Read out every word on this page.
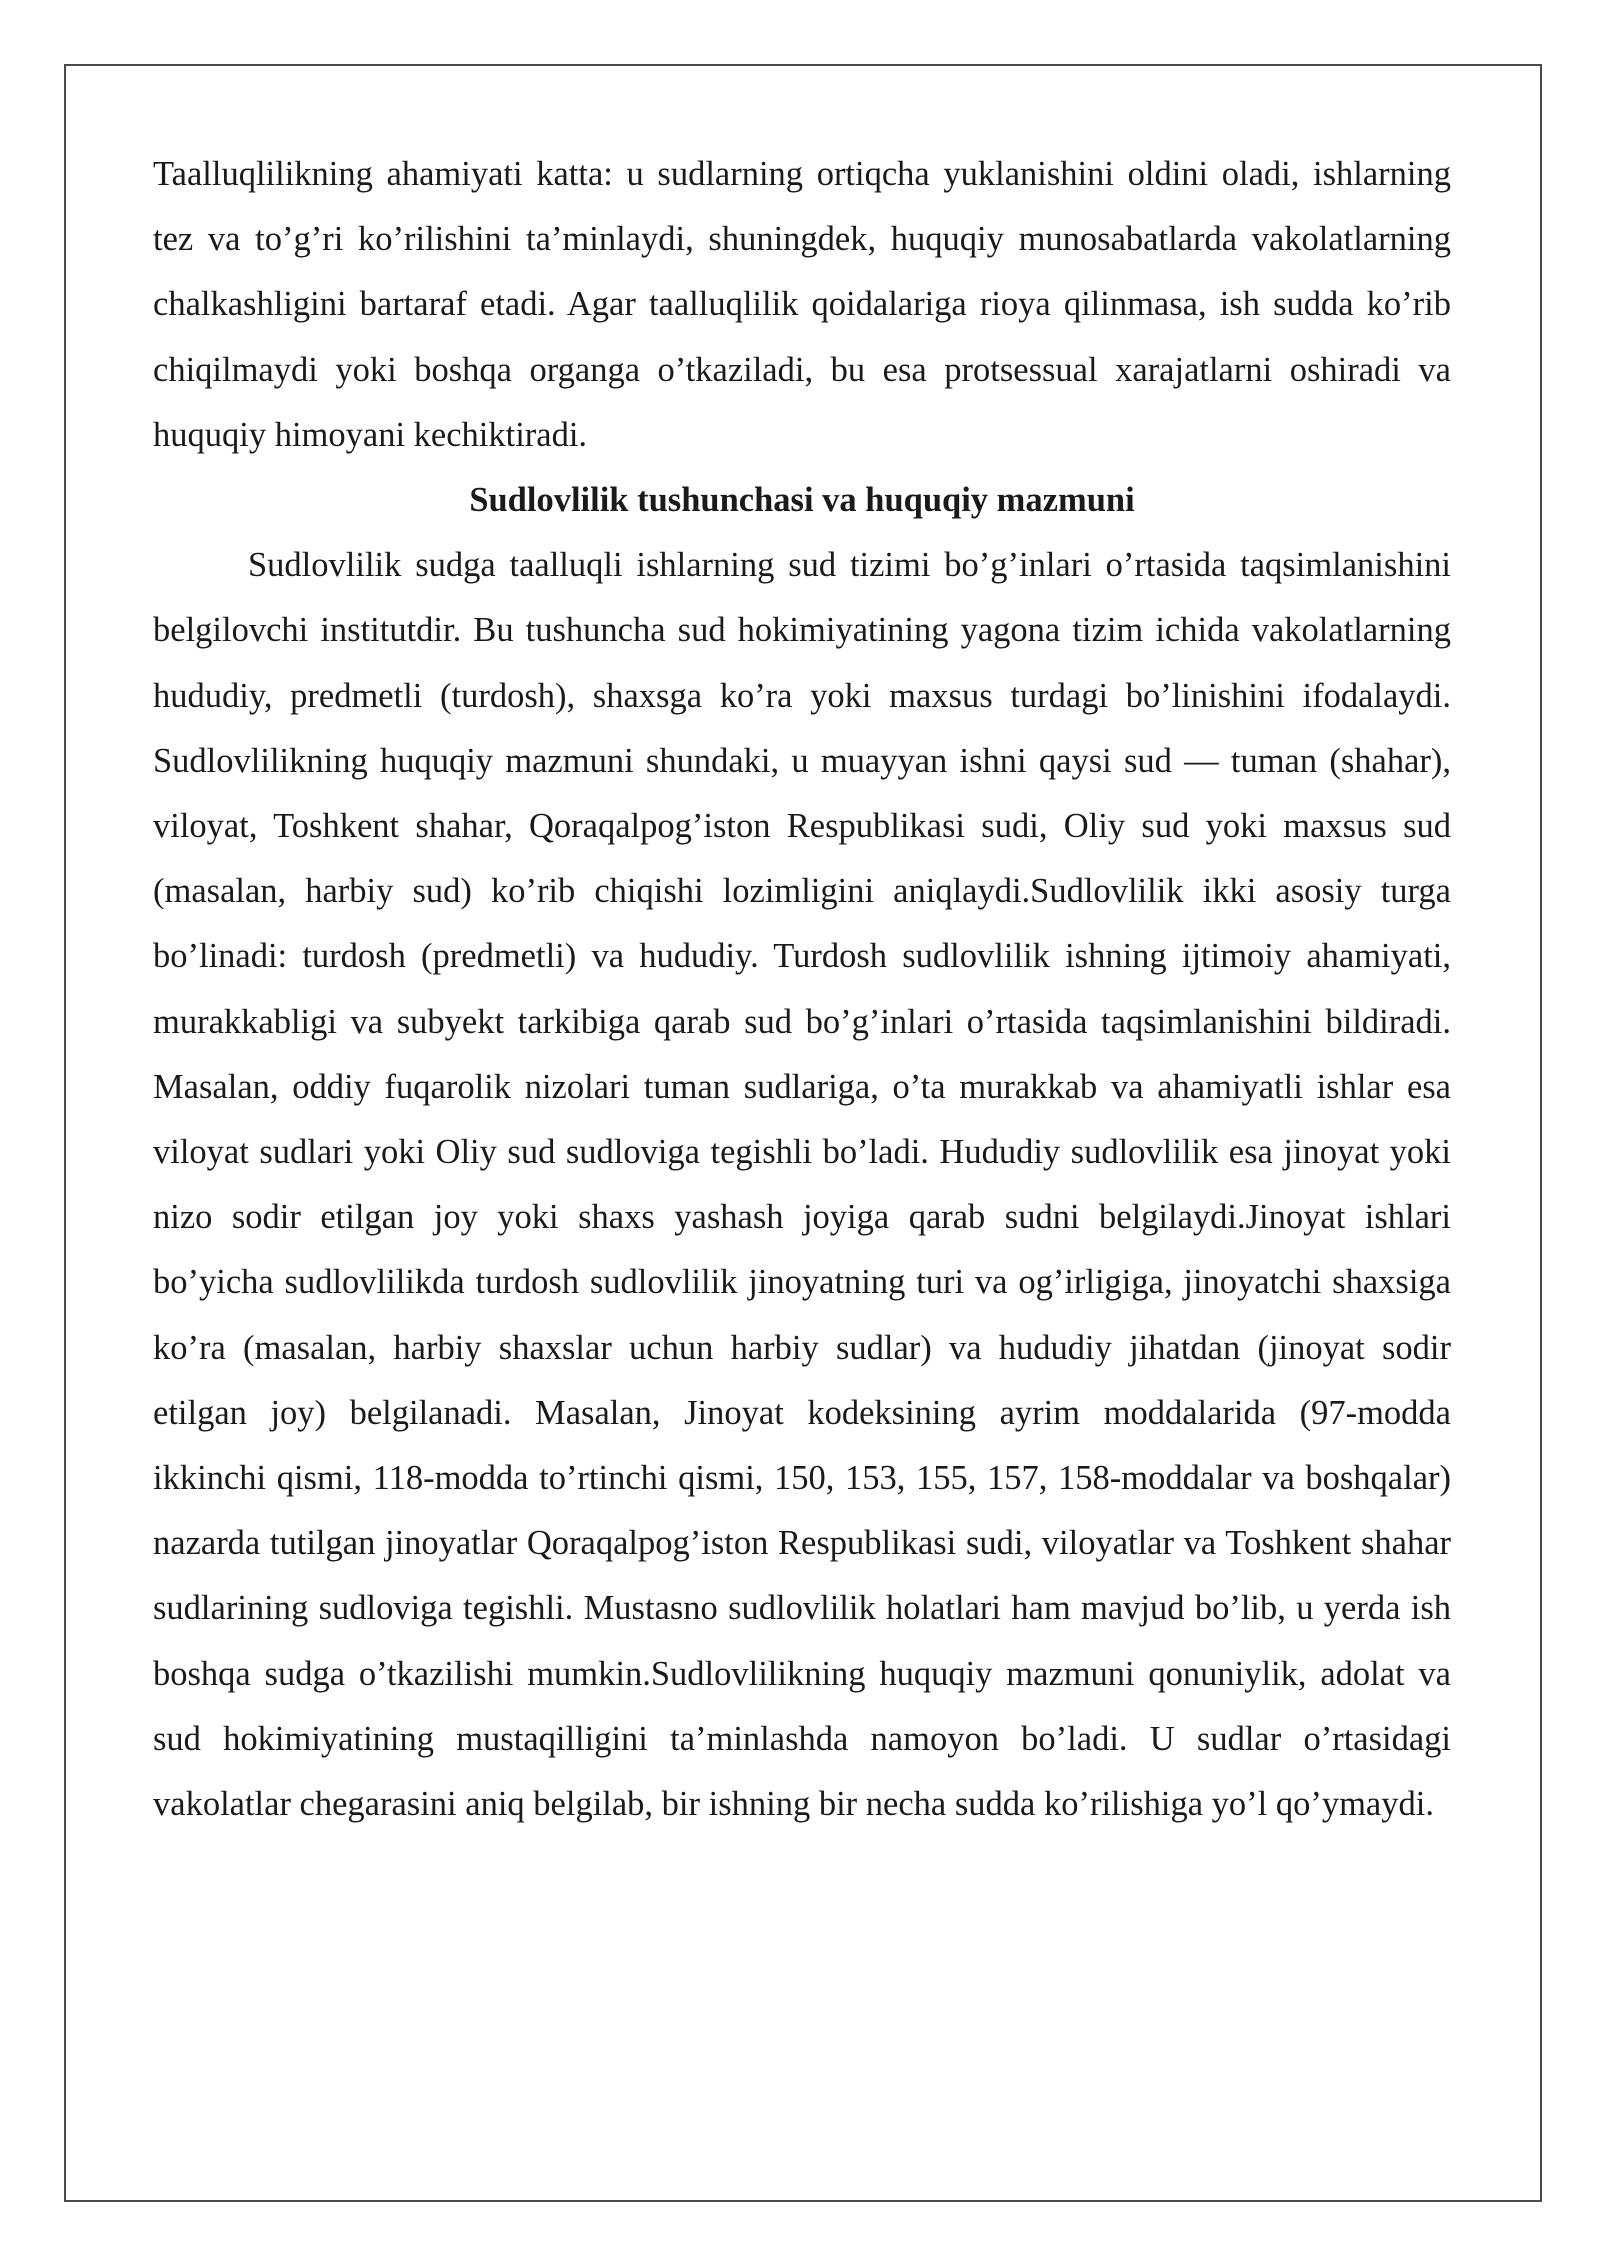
Taalluqlilikning ahamiyati katta: u sudlarning ortiqcha yuklanishini oldini oladi, ishlarning tez va to’g’ri ko’rilishini ta’minlaydi, shuningdek, huquqiy munosabatlarda vakolatlarning chalkashligini bartaraf etadi. Agar taalluqlilik qoidalariga rioya qilinmasa, ish sudda ko’rib chiqilmaydi yoki boshqa organga o’tkaziladi, bu esa protsessual xarajatlarni oshiradi va huquqiy himoyani kechiktiradi.

Sudlovlilik tushunchasi va huquqiy mazmuni

Sudlovlilik sudga taalluqli ishlarning sud tizimi bo’g’inlari o’rtasida taqsimlanishini belgilovchi institutdir. Bu tushuncha sud hokimiyatining yagona tizim ichida vakolatlarning hududiy, predmetli (turdosh), shaxsga ko’ra yoki maxsus turdagi bo’linishini ifodalaydi. Sudlovlilikning huquqiy mazmuni shundaki, u muayyan ishni qaysi sud — tuman (shahar), viloyat, Toshkent shahar, Qoraqalpog’iston Respublikasi sudi, Oliy sud yoki maxsus sud (masalan, harbiy sud) ko’rib chiqishi lozimligini aniqlaydi.Sudlovlilik ikki asosiy turga bo’linadi: turdosh (predmetli) va hududiy. Turdosh sudlovlilik ishning ijtimoiy ahamiyati, murakkabligi va subyekt tarkibiga qarab sud bo’g’inlari o’rtasida taqsimlanishini bildiradi. Masalan, oddiy fuqarolik nizolari tuman sudlariga, o’ta murakkab va ahamiyatli ishlar esa viloyat sudlari yoki Oliy sud sudloviga tegishli bo’ladi. Hududiy sudlovlilik esa jinoyat yoki nizo sodir etilgan joy yoki shaxs yashash joyiga qarab sudni belgilaydi.Jinoyat ishlari bo’yicha sudlovlilikda turdosh sudlovlilik jinoyatning turi va og’irligiga, jinoyatchi shaxsiga ko’ra (masalan, harbiy shaxslar uchun harbiy sudlar) va hududiy jihatdan (jinoyat sodir etilgan joy) belgilanadi. Masalan, Jinoyat kodeksining ayrim moddalarida (97-modda ikkinchi qismi, 118-modda to’rtinchi qismi, 150, 153, 155, 157, 158-moddalar va boshqalar) nazarda tutilgan jinoyatlar Qoraqalpog’iston Respublikasi sudi, viloyatlar va Toshkent shahar sudlarining sudloviga tegishli. Mustasno sudlovlilik holatlari ham mavjud bo’lib, u yerda ish boshqa sudga o’tkazilishi mumkin.Sudlovlilikning huquqiy mazmuni qonuniylik, adolat va sud hokimiyatining mustaqilligini ta’minlashda namoyon bo’ladi. U sudlar o’rtasidagi vakolatlar chegarasini aniq belgilab, bir ishning bir necha sudda ko’rilishiga yo’l qo’ymaydi.
